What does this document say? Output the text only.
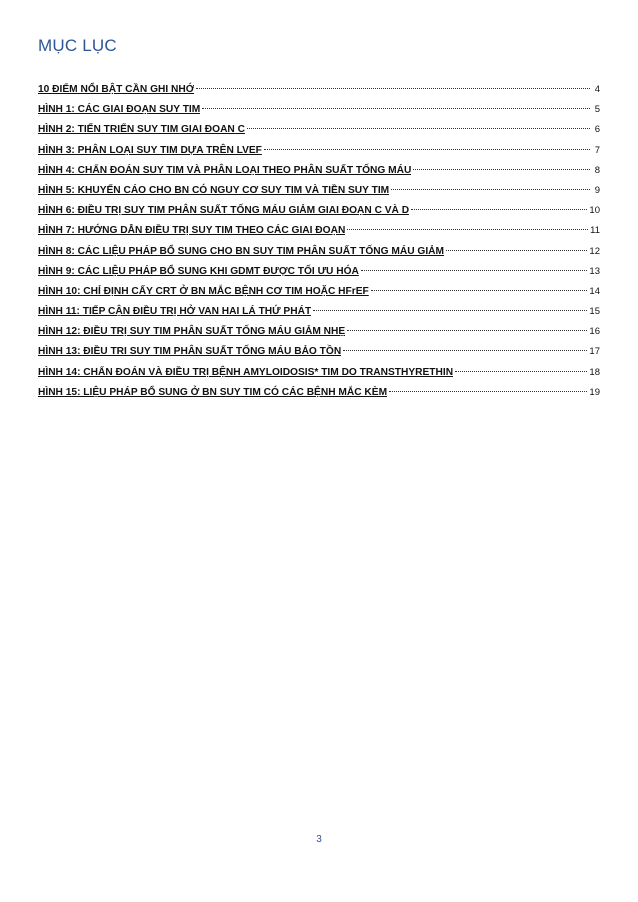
MỤC LỤC
10 ĐIỂM NỔI BẬT CẦN GHI NHỚ	4
HÌNH 1: CÁC GIAI ĐOẠN SUY TIM	5
HÌNH 2: TIẾN TRIỂN SUY TIM GIAI ĐOẠN C	6
HÌNH 3: PHÂN LOẠI SUY TIM DỰA TRÊN LVEF	7
HÌNH 4: CHẨN ĐOÁN SUY TIM VÀ PHÂN LOẠI THEO PHÂN SUẤT TỐNG MÁU	8
HÌNH 5: KHUYẾN CÁO CHO BN CÓ NGUY CƠ SUY TIM VÀ TIỀN SUY TIM	9
HÌNH 6: ĐIỀU TRỊ SUY TIM PHÂN SUẤT TỐNG MÁU GIẢM GIAI ĐOẠN C VÀ D	10
HÌNH 7: HƯỚNG DẪN ĐIỀU TRỊ SUY TIM THEO CÁC GIAI ĐOẠN	11
HÌNH 8: CÁC LIỆU PHÁP BỔ SUNG CHO BN SUY TIM PHÂN SUẤT TỐNG MÁU GIẢM	12
HÌNH 9: CÁC LIỆU PHÁP BỔ SUNG KHI GDMT ĐƯỢC TỐI ƯU HÓA	13
HÌNH 10: CHỈ ĐỊNH CẤY CRT Ở BN MẮC BỆNH CƠ TIM HOẶC HFrEF	14
HÌNH 11: TIẾP CẬN ĐIỀU TRỊ HỞ VAN HAI LÁ THỨ PHÁT	15
HÌNH 12: ĐIỀU TRỊ SUY TIM PHÂN SUẤT TỐNG MÁU GIẢM NHẸ	16
HÌNH 13: ĐIỀU TRỊ SUY TIM PHÂN SUẤT TỐNG MÁU BẢO TỒN	17
HÌNH 14: CHẨN ĐOÁN VÀ ĐIỀU TRỊ BỆNH AMYLOIDOSIS* TIM DO TRANSTHYRETHIN	18
HÌNH 15: LIỆU PHÁP BỔ SUNG Ở BN SUY TIM CÓ CÁC BỆNH MẮC KÈM	19
3
